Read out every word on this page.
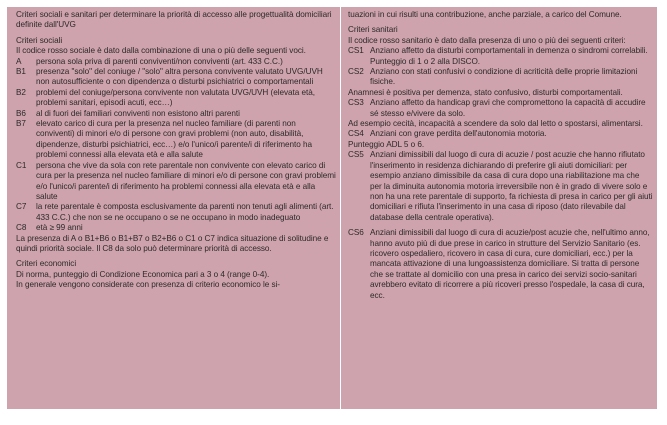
Criteri sociali e sanitari per determinare la priorità di accesso alle progettualità domiciliari definite dall'UVG

Criteri sociali

Il codice rosso sociale è dato dalla combinazione di una o più delle seguenti voci.

A	persona sola priva di parenti conviventi/non conviventi (art. 433 C.C.)
B1	presenza "solo" del coniuge / "solo" altra persona convivente valutato UVG/UVH non autosufficiente o con dipendenza o disturbi psichiatrici o comportamentali
B2	problemi del coniuge/persona convivente non valutata UVG/UVH (elevata età, problemi sanitari, episodi acuti, ecc…)
B6	al di fuori dei familiari conviventi non esistono altri parenti
B7	elevato carico di cura per la presenza nel nucleo familiare (di parenti non conviventi) di minori e/o di persone con gravi problemi (non auto, disabilità, dipendenze, disturbi psichiatrici, ecc…) e/o l'unico/i parente/i di riferimento ha problemi connessi alla elevata età e alla salute
C1	persona che vive da sola con rete parentale non convivente con elevato carico di cura per la presenza nel nucleo familiare di minori e/o di persone con gravi problemi e/o l'unico/i parente/i di riferimento ha problemi connessi alla elevata età e alla salute
C7	la rete parentale è composta esclusivamente da parenti non tenuti agli alimenti (art. 433 C.C.) che non se ne occupano o se ne occupano in modo inadeguato
C8	età ≥ 99 anni

La presenza di A o B1+B6 o B1+B7 o B2+B6 o C1 o C7 indica situazione di solitudine e quindi priorità sociale. Il C8 da solo può determinare priorità di accesso.

Criteri economici

Di norma, punteggio di Condizione Economica pari a 3 o 4 (range 0-4).

In generale vengono considerate con presenza di criterio economico le si-

tuazioni in cui risulti una contribuzione, anche parziale, a carico del Comune.

Criteri sanitari

Il codice rosso sanitario è dato dalla presenza di uno o più dei seguenti criteri:

CS1 Anziano affetto da disturbi comportamentali in demenza o sindromi correlabili. Punteggio di 1 o 2 alla DISCO.
CS2 Anziano con stati confusivi o condizione di acriticità delle proprie limitazioni fisiche.

Anamnesi è positiva per demenza, stato confusivo, disturbi comportamentali.

CS3 Anziano affetto da handicap gravi che compromettono la capacità di accudire sé stesso e/vivere da solo.

Ad esempio cecità, incapacità a scendere da solo dal letto o spostarsi, alimentarsi.

CS4 Anziani con grave perdita dell'autonomia motoria.

Punteggio ADL 5 o 6.

CS5 Anziani dimissibili dal luogo di cura di acuzie / post acuzie che hanno rifiutato l'inserimento in residenza dichiarando di preferire gli aiuti domiciliari: per esempio anziano dimissibile da casa di cura dopo una riabilitazione ma che per la diminuita autonomia motoria irreversibile non è in grado di vivere solo e non ha una rete parentale di supporto, fa richiesta di presa in carico per gli aiuti domiciliari e rifiuta l'inserimento in una casa di riposo (dato rilevabile dal database della centrale operativa).
CS6 Anziani dimissibili dal luogo di cura di acuzie/post acuzie che, nell'ultimo anno, hanno avuto più di due prese in carico in strutture del Servizio Sanitario (es. ricovero ospedaliero, ricovero in casa di cura, cure domiciliari, ecc.) per la mancata attivazione di una lungoassistenza domiciliare. Si tratta di persone che se trattate al domicilio con una presa in carico dei servizi socio-sanitari avrebbero evitato di ricorrere a più ricoveri presso l'ospedale, la casa di cura, ecc.
